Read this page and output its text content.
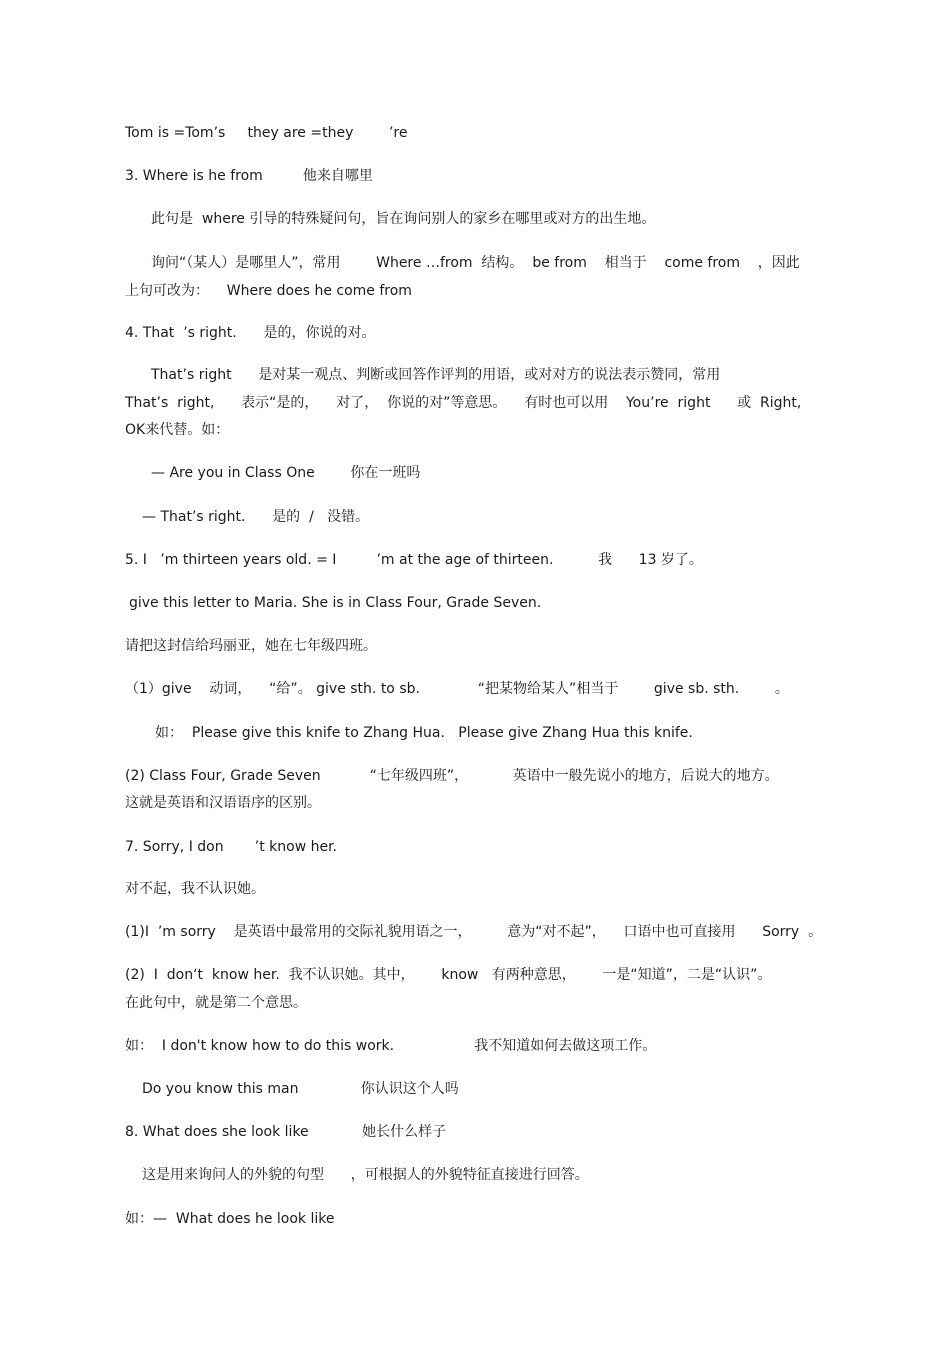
Tom is =Tom’s     they are =they        ’re
3. Where is he from         他来自哪里
此句是  where 引导的特殊疑问句，旨在询问别人的家乡在哪里或对方的出生地。
询问“（某人）是哪里人”，常用        Where …from  结构。  be from    相当于    come from    ，因此
上句可改为：    Where does he come from
4. That  ’s right.      是的，你说的对。
That’s right      是对某一观点、判断或回答作评判的用语，或对对方的说法表示赞同，常用
That’s  right,      表示“是的，    对了，  你说的对”等意思。    有时也可以用    You’re  right      或  Right,
OK来代替。如：
— Are you in Class One        你在一班吗
— That’s right.      是的  /   没错。
5. I   ’m thirteen years old. = I         ’m at the age of thirteen.          我      13 岁了。
give this letter to Maria. She is in Class Four, Grade Seven.
请把这封信给玛丽亚，她在七年级四班。
（1）give    动词，    “给”。 give sth. to sb.             “把某物给某人”相当于        give sb. sth.        。
如：  Please give this knife to Zhang Hua.   Please give Zhang Hua this knife.
(2) Class Four, Grade Seven           “七年级四班”，          英语中一般先说小的地方，后说大的地方。
这就是英语和汉语语序的区别。
7. Sorry, I don       ’t know her.
对不起，我不认识她。
(1)I  ’m sorry    是英语中最常用的交际礼貌用语之一，        意为“对不起”，    口语中也可直接用      Sorry  。
(2)  I  don‘t  know her.  我不认识她。其中，      know   有两种意思，      一是“知道”，二是“认识”。
在此句中，就是第二个意思。
如：  I don't know how to do this work.                  我不知道如何去做这项工作。
Do you know this man              你认识这个人吗
8. What does she look like            她长什么样子
这是用来询问人的外貌的句型      ，可根据人的外貌特征直接进行回答。
如：—  What does he look like
